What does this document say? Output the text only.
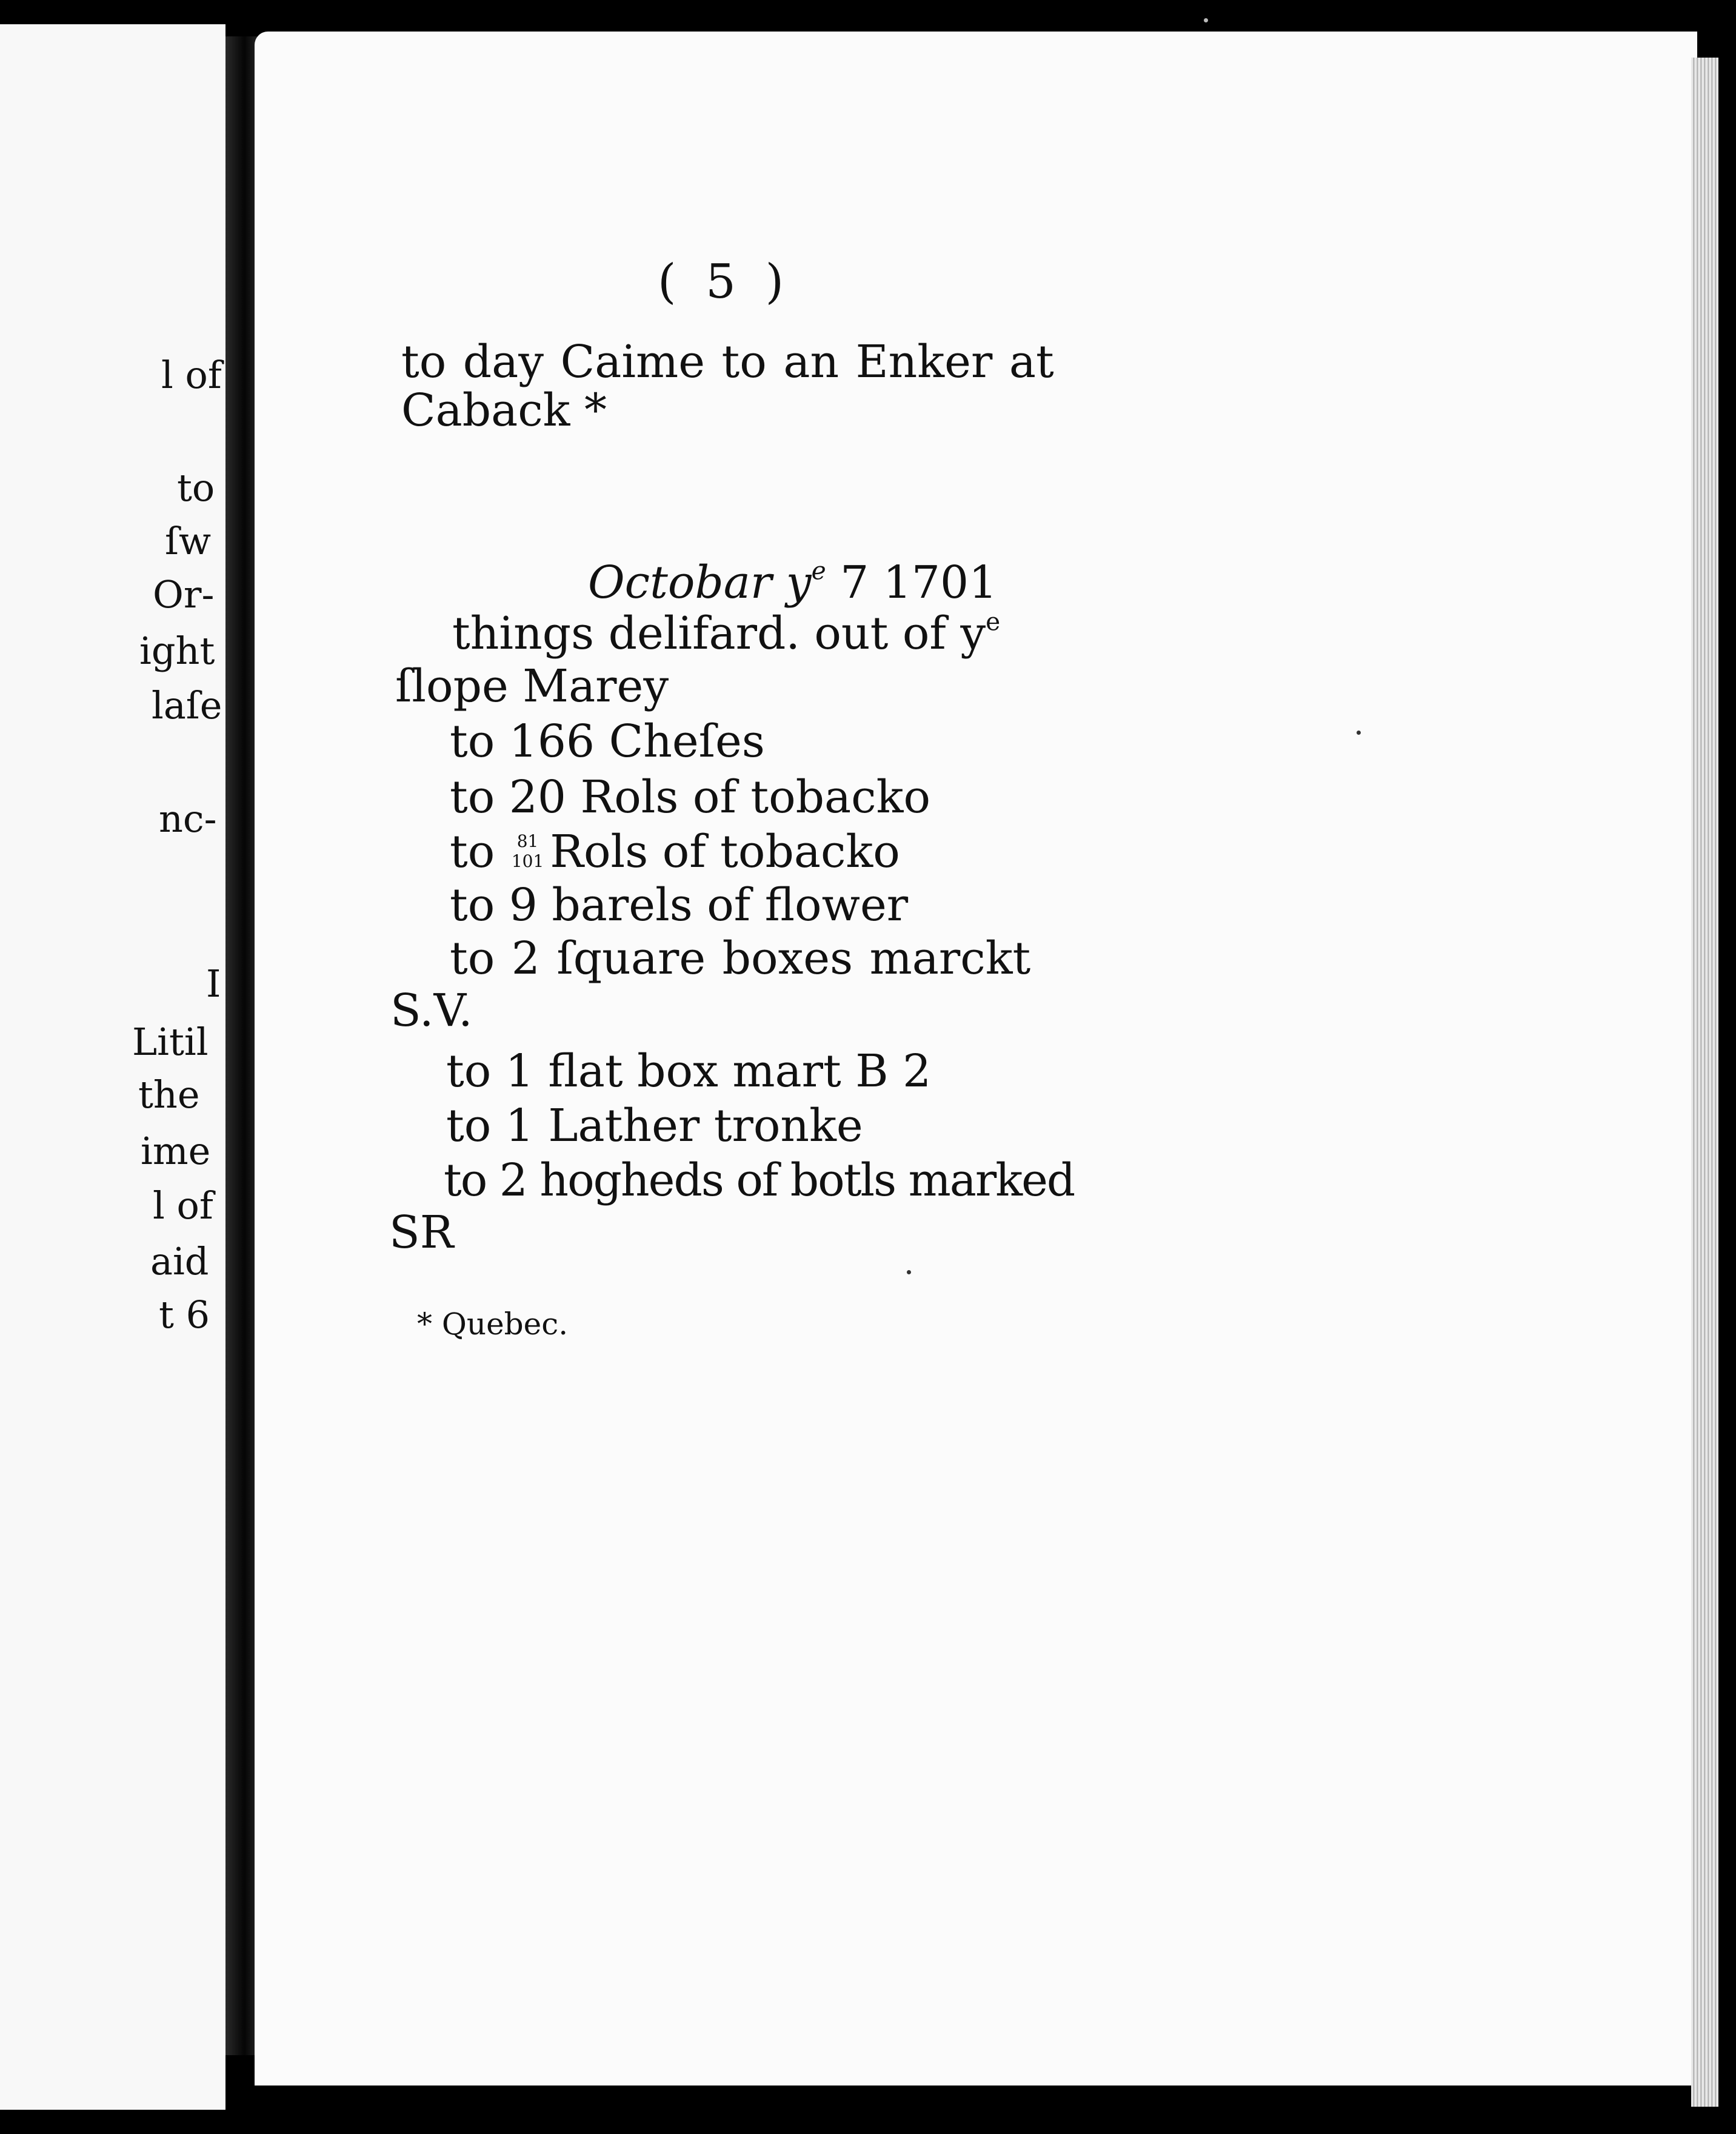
l of
to
ſw
Or-
ight
laſe
nc-
I
Litil
the
ime
l of
aid
t 6
( 5 )
to day Caime to an Enker at
Caback *
Octobar $y^e$ 7 1701
things delifard. out of $y^e$
ſlope Marey
to 166 Cheſes
to 20 Rols of tobacko
to	81
101 Rols of tobacko
to 9 barels of flower
to 2 ſquare boxes marckt
S.V.
to 1 flat box mart B 2
to 1 Lather tronke
to 2 hogheds of botls marked
SR
* Quebec.
